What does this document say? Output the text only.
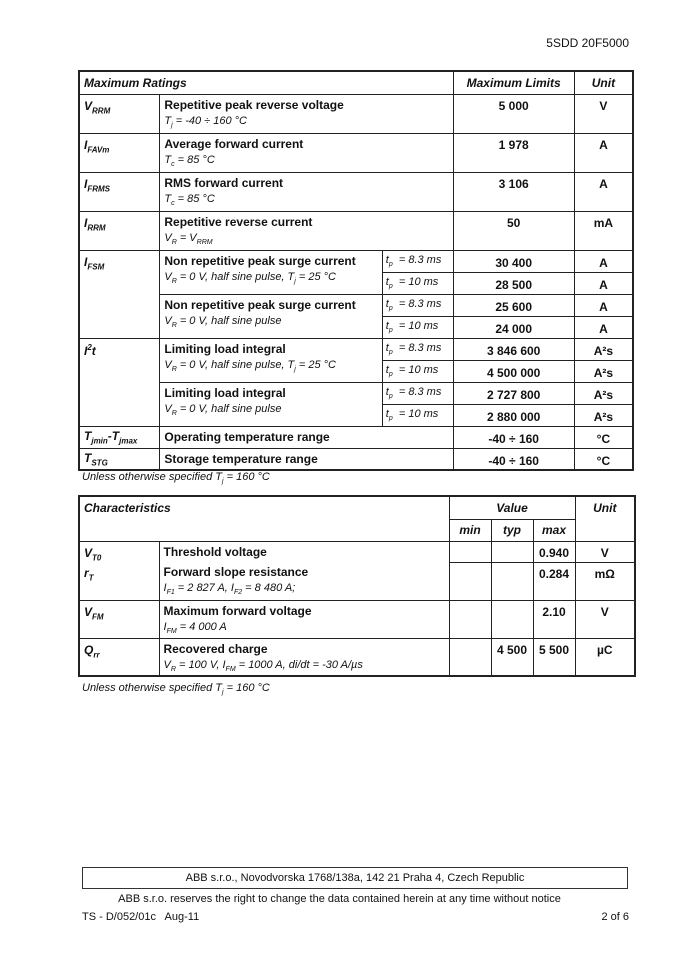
5SDD 20F5000
Maximum Ratings			Maximum Limits	Unit
$V_{RRM}$	Repetitive peak reverse voltage
$T_j = -40 \div 160$ °C		5 000	V
$I_{FAVm}$	Average forward current
$T_c = 85$ °C		1 978	A
$I_{FRMS}$	RMS forward current
$T_c = 85$ °C		3 106	A
$I_{RRM}$	Repetitive reverse current
$V_R = V_{RRM}$		50	mA
$I_{FSM}$	Non repetitive peak surge current
$V_R = 0$ V, half sine pulse, $T_j = 25$ °C	$t_p = 8.3$ ms	30 400	A
		$t_p = 10$ ms	28 500	A

	Non repetitive peak surge current
$V_R = 0$ V, half sine pulse	$t_p = 8.3$ ms	25 600	A
		$t_p = 10$ ms	24 000	A
$I^2t$	Limiting load integral
$V_R = 0$ V, half sine pulse, $T_j = 25$ °C	$t_p = 8.3$ ms	3 846 600	A²s
		$t_p = 10$ ms	4 500 000	A²s

	Limiting load integral
$V_R = 0$ V, half sine pulse	$t_p = 8.3$ ms	2 727 800	A²s
		$t_p = 10$ ms	2 880 000	A²s
$T_{jmin}-T_{jmax}$	Operating temperature range		-40 ÷ 160	°C
$T_{STG}$	Storage temperature range		-40 ÷ 160	°C
Unless otherwise specified $T_j = 160$ °C
Characteristics		Value			Unit
		min	typ	max	
$V_{T0}$	Threshold voltage			0.940	V
$r_T$	Forward slope resistance
$I_{F1} = 2$ 827 A, $I_{F2} = 8$ 480 A;			0.284	mΩ
$V_{FM}$	Maximum forward voltage
$I_{FM} = 4$ 000 A			2.10	V
$Q_{rr}$	Recovered charge
$V_R = 100$ V, $I_{FM} = 1000$ A, di/dt = -30 A/µs		4 500	5 500	µC
Unless otherwise specified $T_j = 160$ °C
ABB s.r.o., Novodvorska 1768/138a, 142 21 Praha 4, Czech Republic
ABB s.r.o. reserves the right to change the data contained herein at any time without notice
TS - D/052/01c   Aug-11	2 of 6
